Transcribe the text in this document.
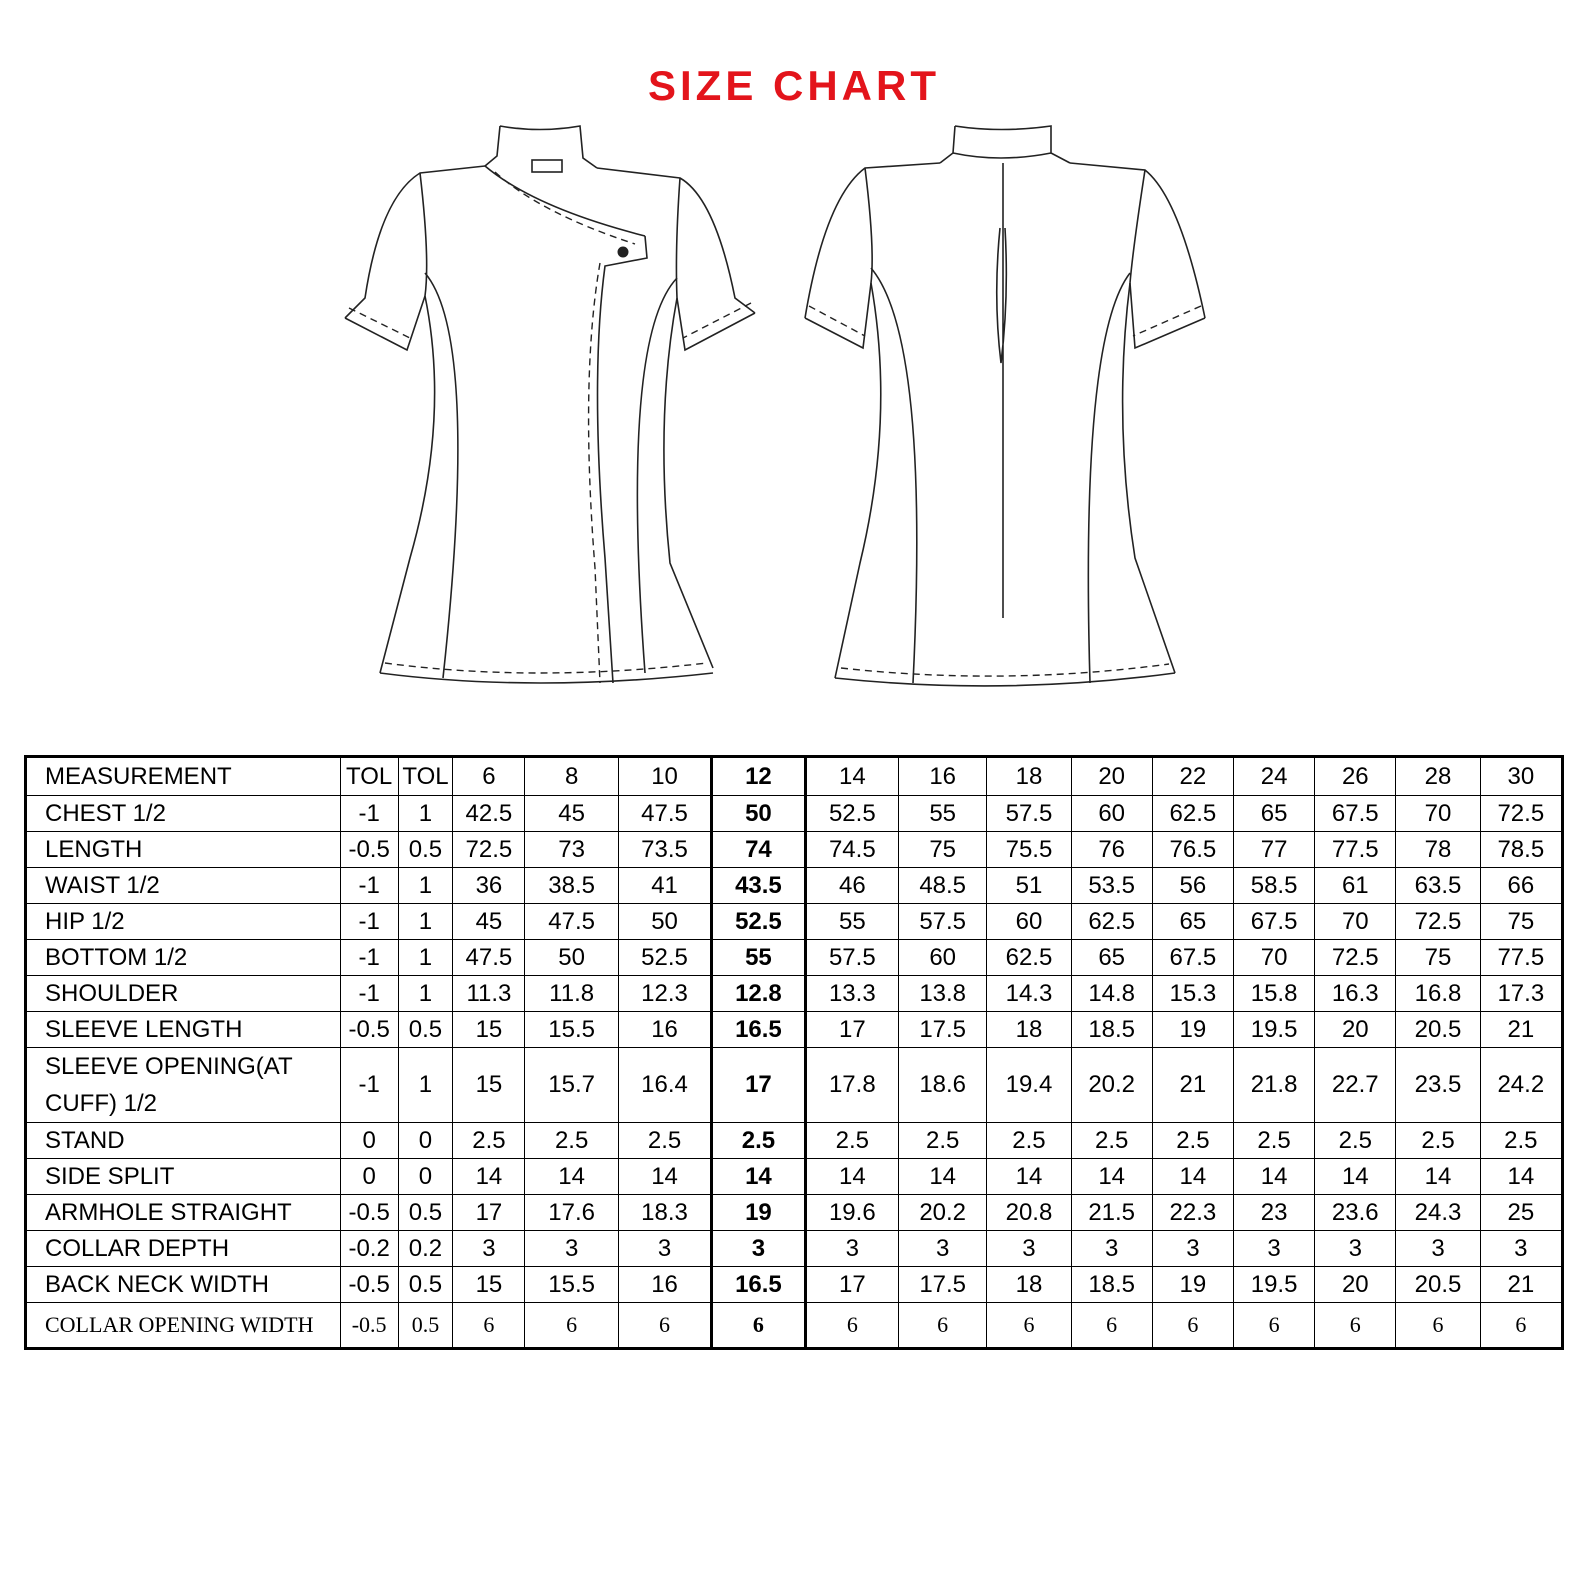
SIZE CHART
MEASUREMENT	TOL	TOL	6	8	10	12	14	16	18	20	22	24	26	28	30
CHEST 1/2	-1	1	42.5	45	47.5	50	52.5	55	57.5	60	62.5	65	67.5	70	72.5
LENGTH	-0.5	0.5	72.5	73	73.5	74	74.5	75	75.5	76	76.5	77	77.5	78	78.5
WAIST 1/2	-1	1	36	38.5	41	43.5	46	48.5	51	53.5	56	58.5	61	63.5	66
HIP 1/2	-1	1	45	47.5	50	52.5	55	57.5	60	62.5	65	67.5	70	72.5	75
BOTTOM 1/2	-1	1	47.5	50	52.5	55	57.5	60	62.5	65	67.5	70	72.5	75	77.5
SHOULDER	-1	1	11.3	11.8	12.3	12.8	13.3	13.8	14.3	14.8	15.3	15.8	16.3	16.8	17.3
SLEEVE LENGTH	-0.5	0.5	15	15.5	16	16.5	17	17.5	18	18.5	19	19.5	20	20.5	21
SLEEVE OPENING(AT CUFF) 1/2	-1	1	15	15.7	16.4	17	17.8	18.6	19.4	20.2	21	21.8	22.7	23.5	24.2
STAND	0	0	2.5	2.5	2.5	2.5	2.5	2.5	2.5	2.5	2.5	2.5	2.5	2.5	2.5
SIDE SPLIT	0	0	14	14	14	14	14	14	14	14	14	14	14	14	14
ARMHOLE STRAIGHT	-0.5	0.5	17	17.6	18.3	19	19.6	20.2	20.8	21.5	22.3	23	23.6	24.3	25
COLLAR DEPTH	-0.2	0.2	3	3	3	3	3	3	3	3	3	3	3	3	3
BACK NECK WIDTH	-0.5	0.5	15	15.5	16	16.5	17	17.5	18	18.5	19	19.5	20	20.5	21
COLLAR OPENING WIDTH	-0.5	0.5	6	6	6	6	6	6	6	6	6	6	6	6	6
